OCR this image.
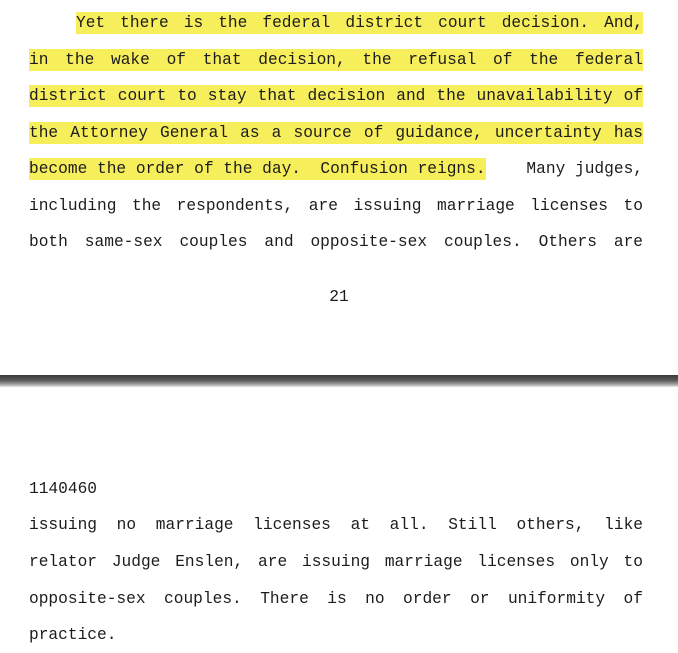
Yet there is the federal district court decision. And,
in the wake of that decision, the refusal of the federal
district court to stay that decision and the unavailability of
the Attorney General as a source of guidance, uncertainty has
become the order of the day.  Confusion reigns.	Many judges,
including the respondents, are issuing marriage licenses to
both same-sex couples and opposite-sex couples. Others are
21
1140460
issuing no marriage licenses at all. Still others, like
relator Judge Enslen, are issuing marriage licenses only to
opposite-sex couples. There is no order or uniformity of
practice.
